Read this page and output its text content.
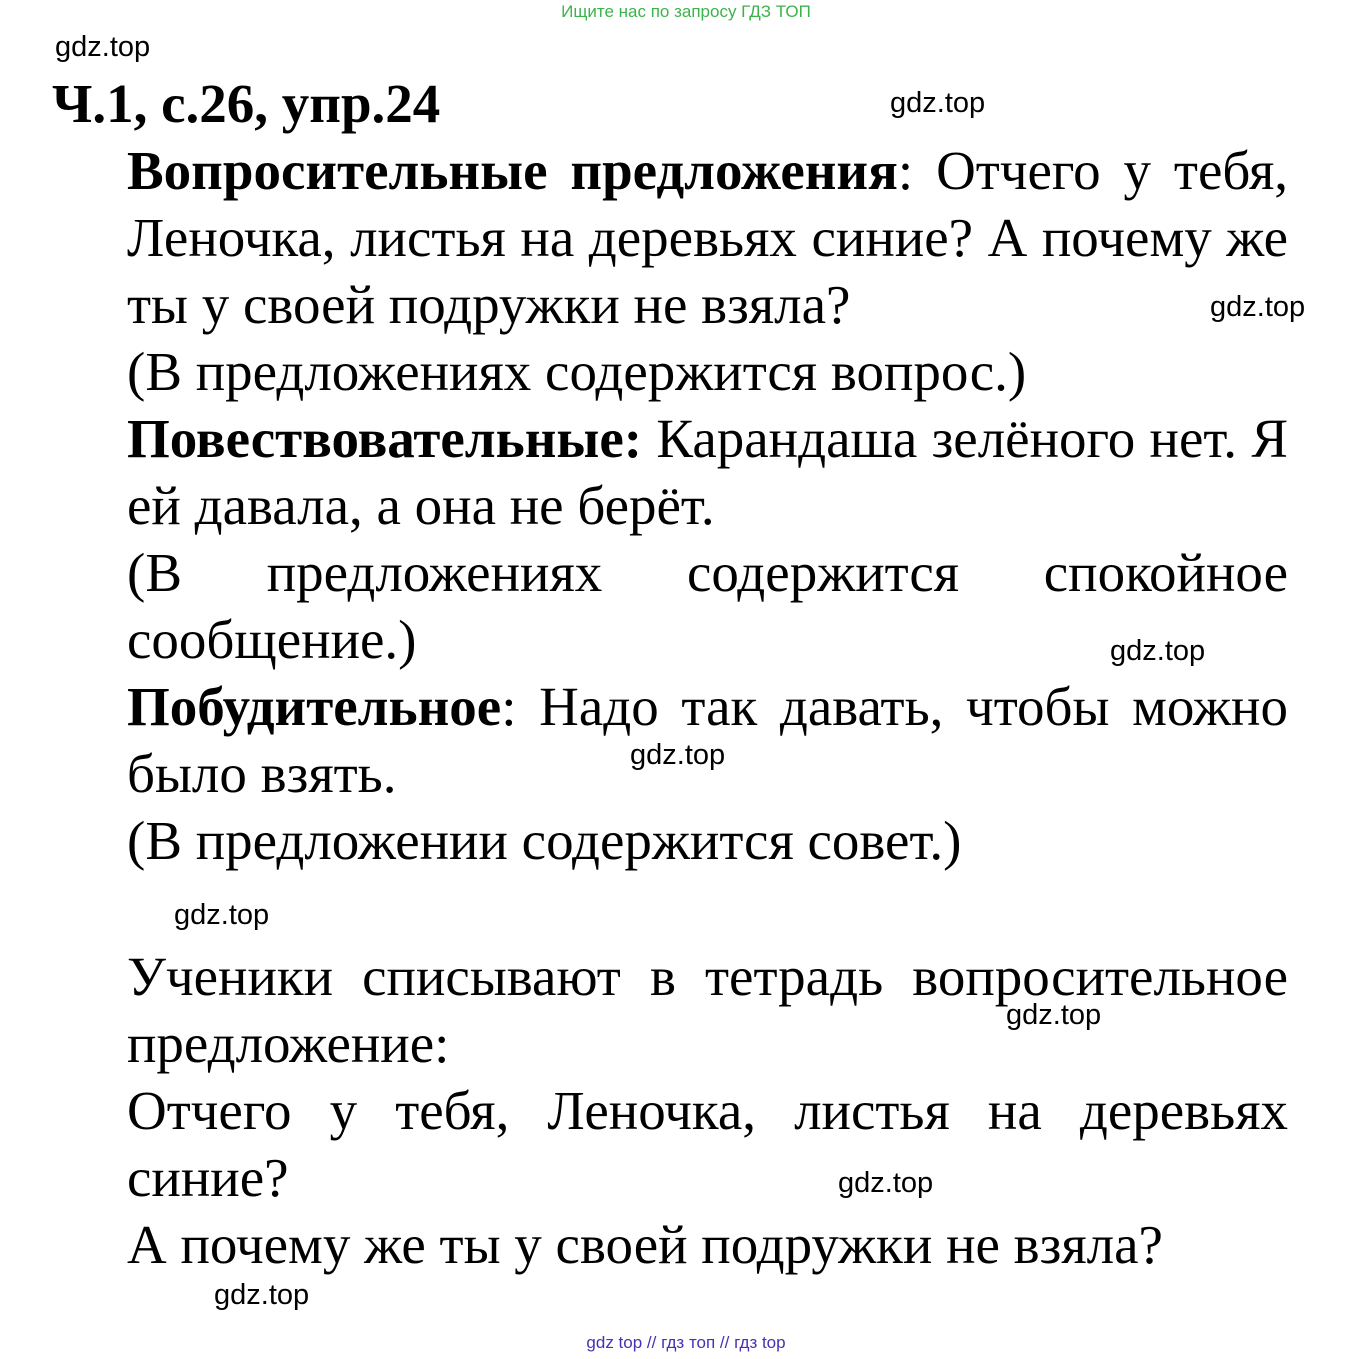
Ищите нас по запросу ГДЗ ТОП
Ч.1, с.26, упр.24

Вопросительные предложения: Отчего у тебя, Леночка, листья на деревьях синие? А почему же ты у своей подружки не взяла?

(В предложениях содержится вопрос.)

Повествовательные: Карандаша зелёного нет. Я ей давала, а она не берёт.

(В предложениях содержится спокойное сообщение.)

Побудительное: Надо так давать, чтобы можно было взять.

(В предложении содержится совет.)

Ученики списывают в тетрадь вопросительное предложение:

Отчего у тебя, Леночка, листья на деревьях синие?

А почему же ты у своей подружки не взяла?

gdz.top
gdz.top
gdz.top
gdz.top
gdz.top
gdz.top
gdz.top
gdz.top
gdz.top
gdz top // гдз топ // гдз top
